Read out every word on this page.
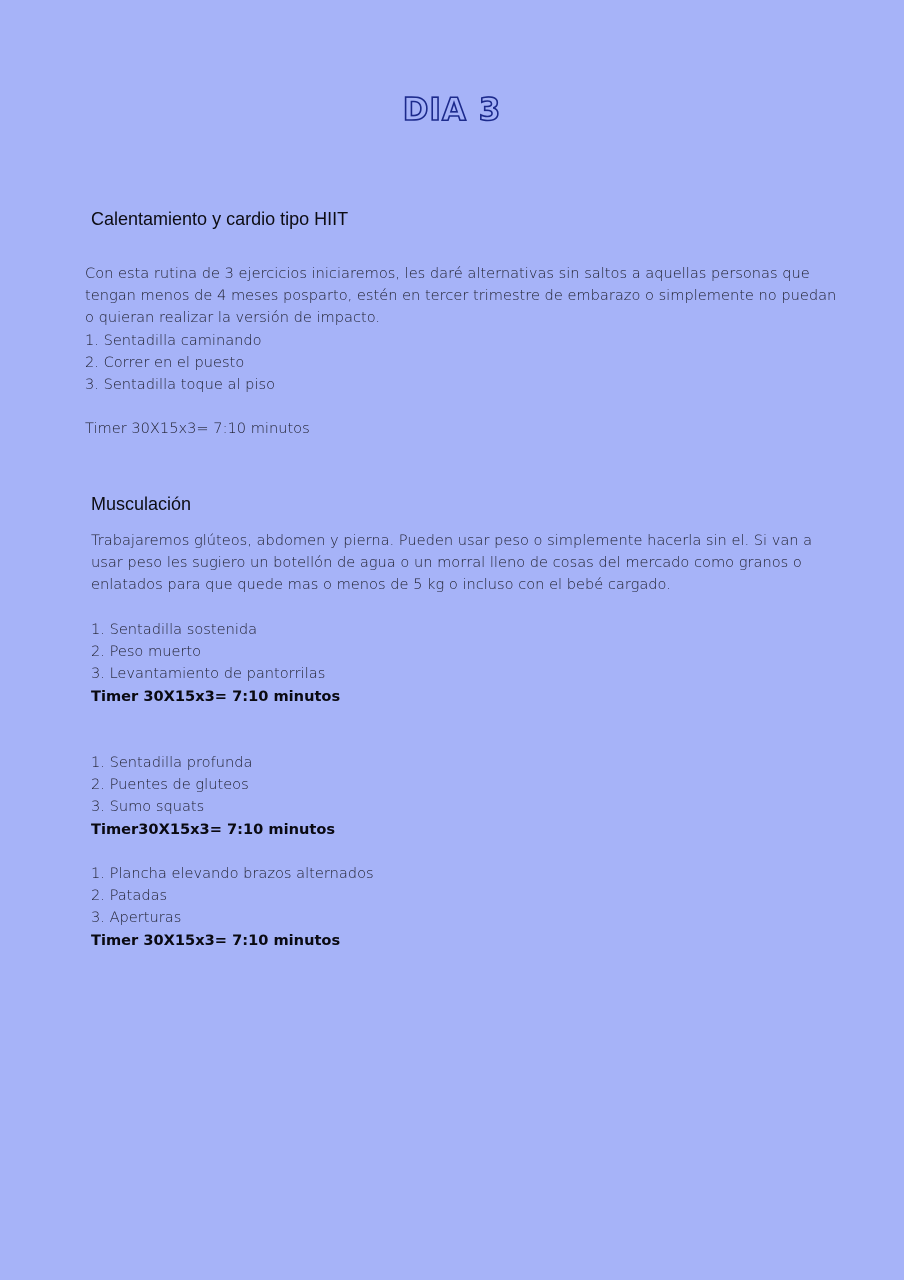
DIA 3
Calentamiento y cardio tipo HIIT
Con esta rutina de 3 ejercicios iniciaremos, les daré alternativas sin saltos a aquellas personas que
tengan menos de 4 meses posparto, estén en tercer trimestre de embarazo o simplemente no puedan
o quieran realizar la versión de impacto.
1. Sentadilla caminando
2. Correr en el puesto
3. Sentadilla toque al piso

Timer 30X15x3= 7:10 minutos
Musculación
Trabajaremos glúteos, abdomen y pierna. Pueden usar peso o simplemente hacerla sin el. Si van a
usar peso les sugiero un botellón de agua o un morral lleno de cosas del mercado como granos o
enlatados para que quede mas o menos de 5 kg o incluso con el bebé cargado.
1. Sentadilla sostenida
2. Peso muerto
3. Levantamiento de pantorrilas
Timer 30X15x3= 7:10 minutos
1. Sentadilla profunda
2. Puentes de gluteos
3. Sumo squats
Timer30X15x3= 7:10 minutos
1. Plancha elevando brazos alternados
2. Patadas
3. Aperturas
Timer 30X15x3= 7:10 minutos
